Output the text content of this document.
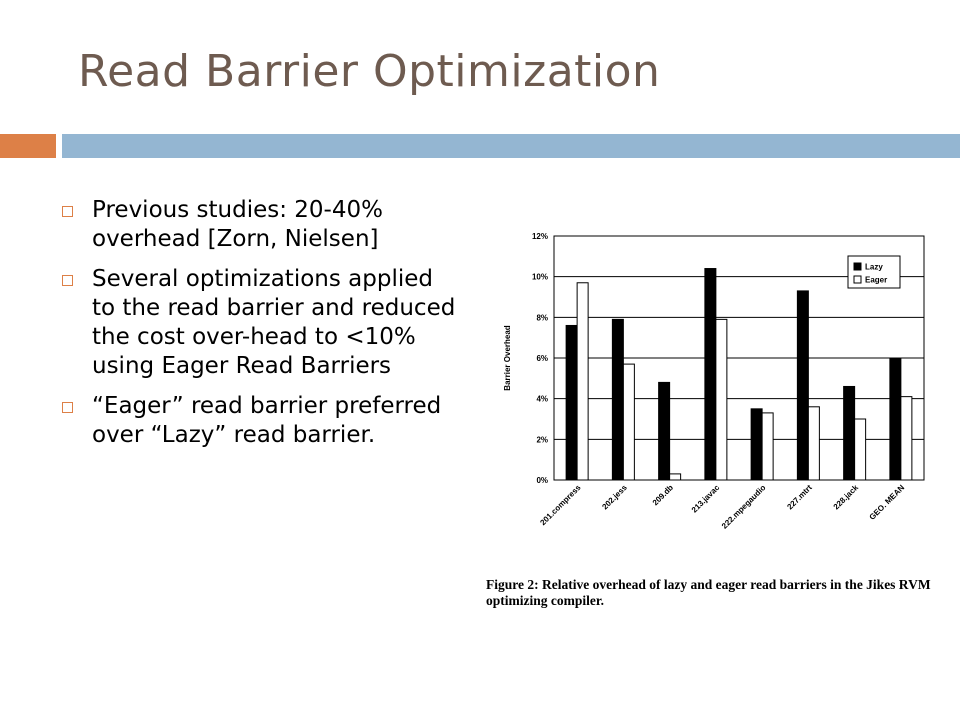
Read Barrier Optimization
Previous studies: 20-40% overhead [Zorn, Nielsen]
Several optimizations applied to the read barrier and reduced the cost over-head to <10% using Eager Read Barriers
“Eager” read barrier preferred over “Lazy” read barrier.
0%
2%
4%
6%
8%
10%
12%
Barrier Overhead
201.compress 202.jess	209.db 213.javac
222.mpegaudio 227.mtrt 228.jack GEO. MEAN
Lazy
Eager
Figure 2: Relative overhead of lazy and eager read barriers in the Jikes RVM optimizing compiler.
